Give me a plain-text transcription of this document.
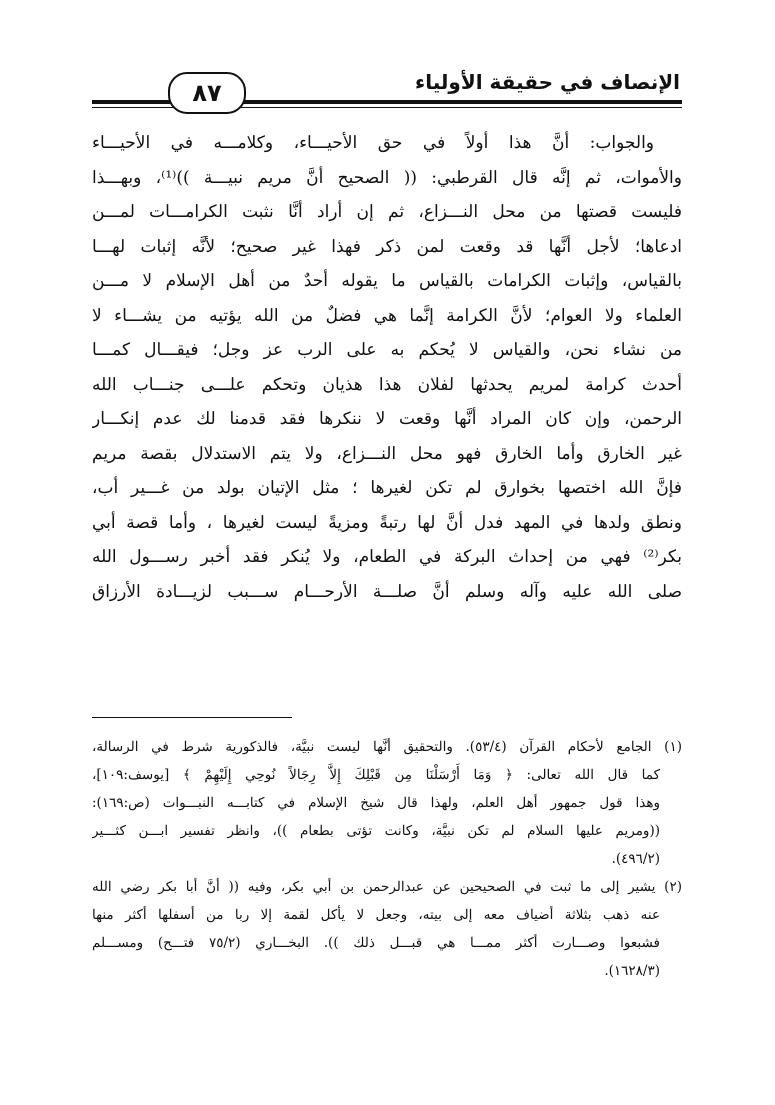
الإنصاف في حقيقة الأولياء
٨٧
والجواب: أنَّ هذا أولاً في حق الأحيـــاء، وكلامـــه في الأحيـــاء
والأموات، ثم إنَّه قال القرطبي: (( الصحيح أنَّ مريم نبيـــة ))⁽¹⁾، وبهـــذا
فليست قصتها من محل النـــزاع، ثم إن أراد أنَّا نثبت الكرامـــات لمـــن
ادعاها؛ لأجل أنَّها قد وقعت لمن ذكر فهذا غير صحيح؛ لأنَّه إثبات لهـــا
بالقياس، وإثبات الكرامات بالقياس ما يقوله أحدٌ من أهل الإسلام لا مـــن
العلماء ولا العوام؛ لأنَّ الكرامة إنَّما هي فضلٌ من الله يؤتيه من يشـــاء لا
من نشاء نحن، والقياس لا يُحكم به على الرب عز وجل؛ فيقـــال كمـــا
أحدث كرامة لمريم يحدثها لفلان هذا هذيان وتحكم علـــى جنـــاب الله
الرحمن، وإن كان المراد أنَّها وقعت لا ننكرها فقد قدمنا لك عدم إنكـــار
غير الخارق وأما الخارق فهو محل النـــزاع، ولا يتم الاستدلال بقصة مريم
فإنَّ الله اختصها بخوارق لم تكن لغيرها ؛ مثل الإتيان بولد من غـــير أب،
ونطق ولدها في المهد فدل أنَّ لها رتبةً ومزيةً ليست لغيرها ، وأما قصة أبي
بكر⁽²⁾ فهي من إحداث البركة في الطعام، ولا يُنكر فقد أخبر رســـول الله
صلى الله عليه وآله وسلم أنَّ صلـــة الأرحـــام ســـبب لزيـــادة الأرزاق
(١) الجامع لأحكام القرآن (٥٣/٤). والتحقيق أنَّها ليست نبيَّة، فالذكورية شرط في الرسالة،
كما قال الله تعالى: ﴿ وَمَا أَرْسَلْنَا مِن قَبْلِكَ إِلاَّ رِجَالاً نُوحِي إِلَيْهِمْ ﴾ [يوسف:١٠٩]،
وهذا قول جمهور أهل العلم، ولهذا قال شيخ الإسلام في كتابـــه النبـــوات (ص:١٦٩):
((ومريم عليها السلام لم تكن نبيَّة، وكانت تؤتى بطعام ))، وانظر تفسير ابـــن كثـــير
(٤٩٦/٢).
(٢) يشير إلى ما ثبت في الصحيحين عن عبدالرحمن بن أبي بكر، وفيه (( أنَّ أبا بكر رضي الله
عنه ذهب بثلاثة أضياف معه إلى بيته، وجعل لا يأكل لقمة إلا ربا من أسفلها أكثر منها
فشبعوا وصـــارت أكثر ممـــا هي قبـــل ذلك )). البخـــاري (٧٥/٢ فتـــح) ومســـلم
(١٦٢٨/٣).
